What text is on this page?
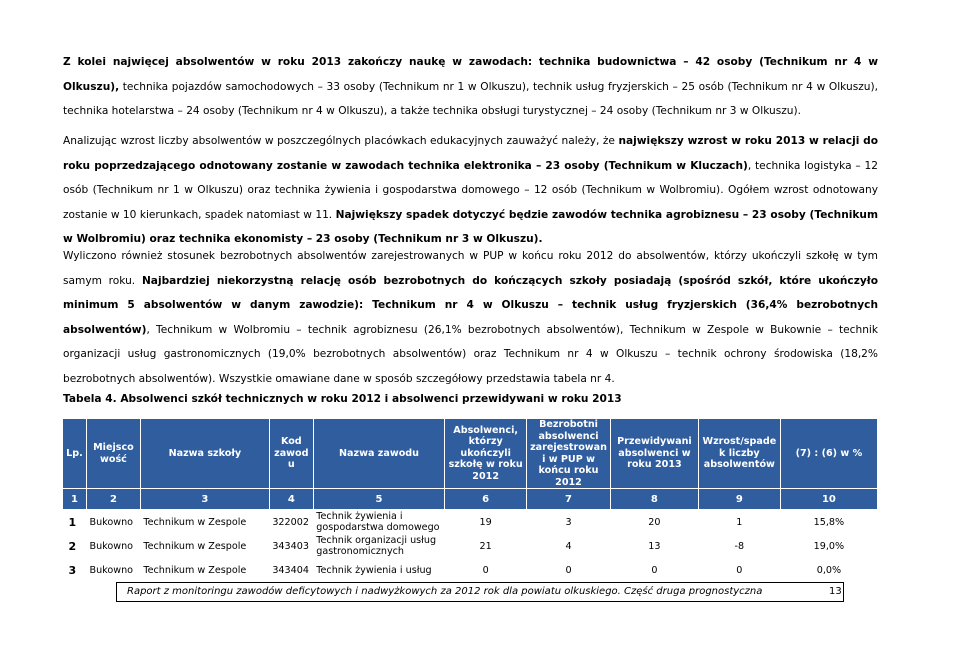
Z kolei najwięcej absolwentów w roku 2013 zakończy naukę w zawodach: technika budownictwa – 42 osoby (Technikum nr 4 w Olkuszu), technika pojazdów samochodowych – 33 osoby (Technikum nr 1 w Olkuszu), technik usług fryzjerskich – 25 osób (Technikum nr 4 w Olkuszu), technika hotelarstwa – 24 osoby (Technikum nr 4 w Olkuszu), a także technika obsługi turystycznej – 24 osoby (Technikum nr 3 w Olkuszu).

Analizując wzrost liczby absolwentów w poszczególnych placówkach edukacyjnych zauważyć należy, że największy wzrost w roku 2013 w relacji do roku poprzedzającego odnotowany zostanie w zawodach technika elektronika – 23 osoby (Technikum w Kluczach), technika logistyka – 12 osób (Technikum nr 1 w Olkuszu) oraz technika żywienia i gospodarstwa domowego – 12 osób (Technikum w Wolbromiu). Ogółem wzrost odnotowany zostanie w 10 kierunkach, spadek natomiast w 11. Największy spadek dotyczyć będzie zawodów technika agrobiznesu – 23 osoby (Technikum w Wolbromiu) oraz technika ekonomisty – 23 osoby (Technikum nr 3 w Olkuszu).

Wyliczono również stosunek bezrobotnych absolwentów zarejestrowanych w PUP w końcu roku 2012 do absolwentów, którzy ukończyli szkołę w tym samym roku. Najbardziej niekorzystną relację osób bezrobotnych do kończących szkoły posiadają (spośród szkół, które ukończyło minimum 5 absolwentów w danym zawodzie): Technikum nr 4 w Olkuszu – technik usług fryzjerskich (36,4% bezrobotnych absolwentów), Technikum w Wolbromiu – technik agrobiznesu (26,1% bezrobotnych absolwentów), Technikum w Zespole w Bukownie – technik organizacji usług gastronomicznych (19,0% bezrobotnych absolwentów) oraz Technikum nr 4 w Olkuszu – technik ochrony środowiska (18,2% bezrobotnych absolwentów). Wszystkie omawiane dane w sposób szczegółowy przedstawia tabela nr 4.

Tabela 4. Absolwenci szkół technicznych w roku 2012 i absolwenci przewidywani w roku 2013
Lp.	Miejsco wość	Nazwa szkoły	Kod zawod u	Nazwa zawodu	Absolwenci, którzy ukończyli szkołę w roku 2012	Bezrobotni absolwenci zarejestrowan i w PUP w końcu roku 2012	Przewidywani absolwenci w roku 2013	Wzrost/spade k liczby absolwentów	(7) : (6) w %
1	2	3	4	5	6	7	8	9	10
1	Bukowno	Technikum w Zespole	322002	Technik żywienia i gospodarstwa domowego	19	3	20	1	15,8%
2	Bukowno	Technikum w Zespole	343403	Technik organizacji usług gastronomicznych	21	4	13	-8	19,0%
3	Bukowno	Technikum w Zespole	343404	Technik żywienia i usług	0	0	0	0	0,0%
Raport z monitoringu zawodów deficytowych i nadwyżkowych za 2012 rok dla powiatu olkuskiego. Część druga prognostyczna	13
